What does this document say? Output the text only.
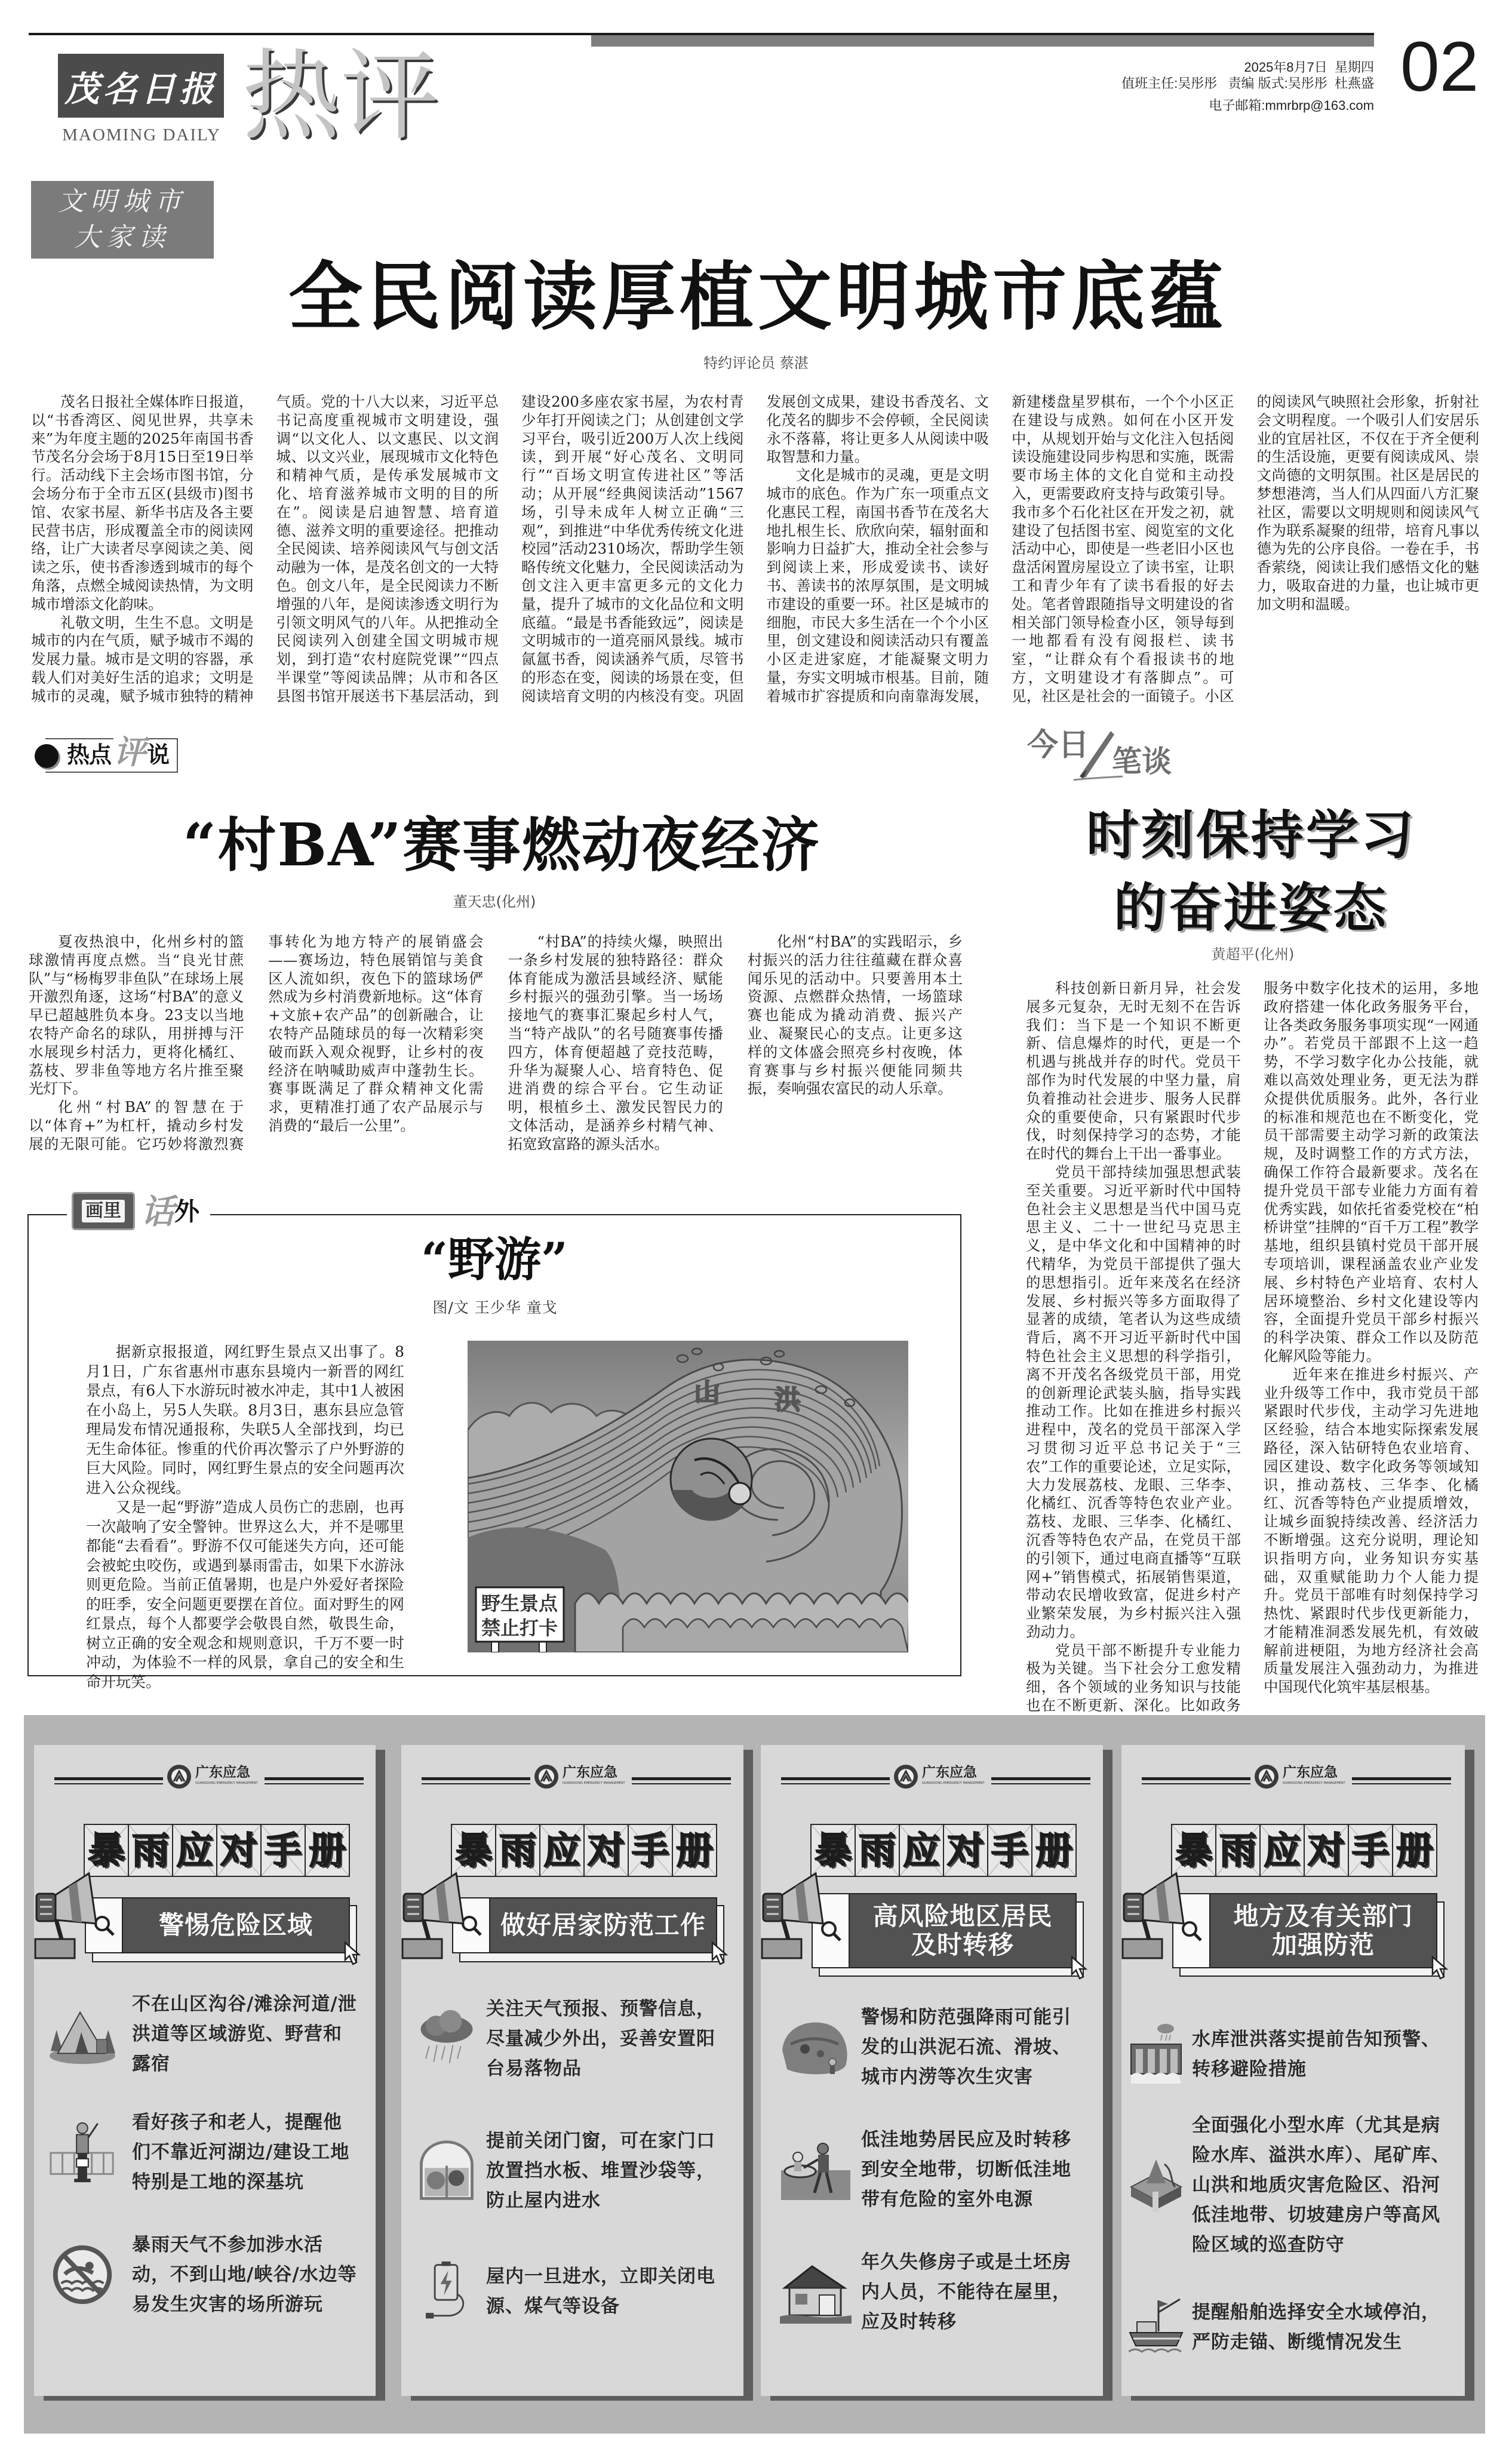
茂名日报
MAOMING DAILY 热评	2025年8月7日  星期四
值班主任:吴彤彤   责编 版式:吴彤彤  杜燕盛
电子邮箱:mmrbrp@163.com 02
文明城市
大家读
全民阅读厚植文明城市底蕴
特约评论员 蔡湛

茂名日报社全媒体昨日报道，以“书香湾区、阅见世界，共享未来”为年度主题的2025年南国书香节茂名分会场于8月15日至19日举行。活动线下主会场市图书馆，分会场分布于全市五区(县级市)图书馆、农家书屋、新华书店及各主要民营书店，形成覆盖全市的阅读网络，让广大读者尽享阅读之美、阅读之乐，使书香渗透到城市的每个角落，点燃全城阅读热情，为文明城市增添文化韵味。

礼敬文明，生生不息。文明是城市的内在气质，赋予城市不竭的发展力量。城市是文明的容器，承载人们对美好生活的追求；文明是城市的灵魂，赋予城市独特的精神气质。党的十八大以来，习近平总书记高度重视城市文明建设，强调“以文化人、以文惠民、以文润城、以文兴业，展现城市文化特色和精神气质，是传承发展城市文化、培育滋养城市文明的目的所在”。阅读是启迪智慧、培育道德、滋养文明的重要途径。把推动全民阅读、培养阅读风气与创文活动融为一体，是茂名创文的一大特色。创文八年，是全民阅读力不断增强的八年，是阅读渗透文明行为引领文明风气的八年。从把推动全民阅读列入创建全国文明城市规划，到打造“农村庭院党课”“四点半课堂”等阅读品牌；从市和各区县图书馆开展送书下基层活动，到建设200多座农家书屋，为农村青少年打开阅读之门；从创建创文学习平台，吸引近200万人次上线阅读，到开展“好心茂名、文明同行”“百场文明宣传进社区”等活动；从开展“经典阅读活动”1567场，引导未成年人树立正确“三观”，到推进“中华优秀传统文化进校园”活动2310场次，帮助学生领略传统文化魅力，全民阅读活动为创文注入更丰富更多元的文化力量，提升了城市的文化品位和文明底蕴。“最是书香能致远”，阅读是文明城市的一道亮丽风景线。城市氤氲书香，阅读涵养气质，尽管书的形态在变，阅读的场景在变，但阅读培育文明的内核没有变。巩固发展创文成果，建设书香茂名、文化茂名的脚步不会停顿，全民阅读永不落幕，将让更多人从阅读中吸取智慧和力量。

文化是城市的灵魂，更是文明城市的底色。作为广东一项重点文化惠民工程，南国书香节在茂名大地扎根生长、欣欣向荣，辐射面和影响力日益扩大，推动全社会参与到阅读上来，形成爱读书、读好书、善读书的浓厚氛围，是文明城市建设的重要一环。社区是城市的细胞，市民大多生活在一个个小区里，创文建设和阅读活动只有覆盖小区走进家庭，才能凝聚文明力量，夯实文明城市根基。目前，随着城市扩容提质和向南靠海发展，新建楼盘星罗棋布，一个个小区正在建设与成熟。如何在小区开发中，从规划开始与文化注入包括阅读设施建设同步构思和实施，既需要市场主体的文化自觉和主动投入，更需要政府支持与政策引导。我市多个石化社区在开发之初，就建设了包括图书室、阅览室的文化活动中心，即使是一些老旧小区也盘活闲置房屋设立了读书室，让职工和青少年有了读书看报的好去处。笔者曾跟随指导文明建设的省相关部门领导检查小区，领导每到一地都看有没有阅报栏、读书室，“让群众有个看报读书的地方，文明建设才有落脚点”。可见，社区是社会的一面镜子。小区的阅读风气映照社会形象，折射社会文明程度。一个吸引人们安居乐业的宜居社区，不仅在于齐全便利的生活设施，更要有阅读成风、崇文尚德的文明氛围。社区是居民的梦想港湾，当人们从四面八方汇聚社区，需要以文明规则和阅读风气作为联系凝聚的纽带，培育凡事以德为先的公序良俗。一卷在手，书香萦绕，阅读让我们感悟文化的魅力，吸取奋进的力量，也让城市更加文明和温暖。

热点 评 说
“村BA”赛事燃动夜经济
董天忠(化州)

夏夜热浪中，化州乡村的篮球激情再度点燃。当“良光甘蔗队”与“杨梅罗非鱼队”在球场上展开激烈角逐，这场“村BA”的意义早已超越胜负本身。23支以当地农特产命名的球队，用拼搏与汗水展现乡村活力，更将化橘红、荔枝、罗非鱼等地方名片推至聚光灯下。

化州“村BA”的智慧在于以“体育+”为杠杆，撬动乡村发展的无限可能。它巧妙将激烈赛事转化为地方特产的展销盛会——赛场边，特色展销馆与美食区人流如织，夜色下的篮球场俨然成为乡村消费新地标。这“体育+文旅+农产品”的创新融合，让农特产品随球员的每一次精彩突破而跃入观众视野，让乡村的夜经济在呐喊助威声中蓬勃生长。赛事既满足了群众精神文化需求，更精准打通了农产品展示与消费的“最后一公里”。

“村BA”的持续火爆，映照出一条乡村发展的独特路径：群众体育能成为激活县域经济、赋能乡村振兴的强劲引擎。当一场场接地气的赛事汇聚起乡村人气，当“特产战队”的名号随赛事传播四方，体育便超越了竞技范畴，升华为凝聚人心、培育特色、促进消费的综合平台。它生动证明，根植乡土、激发民智民力的文体活动，是涵养乡村精气神、拓宽致富路的源头活水。

化州“村BA”的实践昭示，乡村振兴的活力往往蕴藏在群众喜闻乐见的活动中。只要善用本土资源、点燃群众热情，一场篮球赛也能成为撬动消费、振兴产业、凝聚民心的支点。让更多这样的文体盛会照亮乡村夜晚，体育赛事与乡村振兴便能同频共振，奏响强农富民的动人乐章。

今日 笔谈
时刻保持学习
的奋进姿态
黄超平(化州)

科技创新日新月异，社会发展多元复杂，无时无刻不在告诉我们：当下是一个知识不断更新、信息爆炸的时代，更是一个机遇与挑战并存的时代。党员干部作为时代发展的中坚力量，肩负着推动社会进步、服务人民群众的重要使命，只有紧跟时代步伐，时刻保持学习的态势，才能在时代的舞台上干出一番事业。

党员干部持续加强思想武装至关重要。习近平新时代中国特色社会主义思想是当代中国马克思主义、二十一世纪马克思主义，是中华文化和中国精神的时代精华，为党员干部提供了强大的思想指引。近年来茂名在经济发展、乡村振兴等多方面取得了显著的成绩，笔者认为这些成绩背后，离不开习近平新时代中国特色社会主义思想的科学指引，离不开茂名各级党员干部，用党的创新理论武装头脑，指导实践推动工作。比如在推进乡村振兴进程中，茂名的党员干部深入学习贯彻习近平总书记关于“三农”工作的重要论述，立足实际，大力发展荔枝、龙眼、三华李、化橘红、沉香等特色农业产业。荔枝、龙眼、三华李、化橘红、沉香等特色农产品，在党员干部的引领下，通过电商直播等“互联网+”销售模式，拓展销售渠道，带动农民增收致富，促进乡村产业繁荣发展，为乡村振兴注入强劲动力。

党员干部不断提升专业能力极为关键。当下社会分工愈发精细，各个领域的业务知识与技能也在不断更新、深化。比如政务服务中数字化技术的运用，多地政府搭建一体化政务服务平台，让各类政务服务事项实现“一网通办”。若党员干部跟不上这一趋势，不学习数字化办公技能，就难以高效处理业务，更无法为群众提供优质服务。此外，各行业的标准和规范也在不断变化，党员干部需要主动学习新的政策法规，及时调整工作的方式方法，确保工作符合最新要求。茂名在提升党员干部专业能力方面有着优秀实践，如依托省委党校在“柏桥讲堂”挂牌的“百千万工程”教学基地，组织县镇村党员干部开展专项培训，课程涵盖农业产业发展、乡村特色产业培育、农村人居环境整治、乡村文化建设等内容，全面提升党员干部乡村振兴的科学决策、群众工作以及防范化解风险等能力。

近年来在推进乡村振兴、产业升级等工作中，我市党员干部紧跟时代步伐，主动学习先进地区经验，结合本地实际探索发展路径，深入钻研特色农业培育、园区建设、数字化政务等领域知识，推动荔枝、三华李、化橘红、沉香等特色产业提质增效，让城乡面貌持续改善、经济活力不断增强。这充分说明，理论知识指明方向，业务知识夯实基础，双重赋能助力个人能力提升。党员干部唯有时刻保持学习热忱、紧跟时代步伐更新能力，才能精准洞悉发展先机，有效破解前进梗阻，为地方经济社会高质量发展注入强劲动力，为推进中国现代化筑牢基层根基。

画里 话 外
“野游”
图/文 王少华 童戈

据新京报报道，网红野生景点又出事了。8月1日，广东省惠州市惠东县境内一新晋的网红景点，有6人下水游玩时被水冲走，其中1人被困在小岛上，另5人失联。8月3日，惠东县应急管理局发布情况通报称，失联5人全部找到，均已无生命体征。惨重的代价再次警示了户外野游的巨大风险。同时，网红野生景点的安全问题再次进入公众视线。

又是一起“野游”造成人员伤亡的悲剧，也再一次敲响了安全警钟。世界这么大，并不是哪里都能“去看看”。野游不仅可能迷失方向，还可能会被蛇虫咬伤，或遇到暴雨雷击，如果下水游泳则更危险。当前正值暑期，也是户外爱好者探险的旺季，安全问题更要摆在首位。面对野生的网红景点，每个人都要学会敬畏自然，敬畏生命，树立正确的安全观念和规则意识，千万不要一时冲动，为体验不一样的风景，拿自己的安全和生命开玩笑。

山 洪
野生景点
禁止打卡
广东应急
GUANGDONG EMERGENCY MANAGEMENT
暴 雨 应 对 手 册
警惕危险区域
不在山区沟谷/滩涂河道/泄洪道等区域游览、野营和露宿
看好孩子和老人，提醒他们不靠近河湖边/建设工地特别是工地的深基坑
暴雨天气不参加涉水活动，不到山地/峡谷/水边等易发生灾害的场所游玩
广东应急
GUANGDONG EMERGENCY MANAGEMENT
暴 雨 应 对 手 册
做好居家防范工作
关注天气预报、预警信息，尽量减少外出，妥善安置阳台易落物品
提前关闭门窗，可在家门口放置挡水板、堆置沙袋等，防止屋内进水
屋内一旦进水，立即关闭电源、煤气等设备
广东应急
GUANGDONG EMERGENCY MANAGEMENT
暴 雨 应 对 手 册
高风险地区居民
及时转移
警惕和防范强降雨可能引发的山洪泥石流、滑坡、城市内涝等次生灾害
低洼地势居民应及时转移到安全地带，切断低洼地带有危险的室外电源
年久失修房子或是土坯房内人员，不能待在屋里，应及时转移
广东应急
GUANGDONG EMERGENCY MANAGEMENT
暴 雨 应 对 手 册
地方及有关部门
加强防范
水库泄洪落实提前告知预警、转移避险措施
全面强化小型水库（尤其是病险水库、溢洪水库）、尾矿库、山洪和地质灾害危险区、沿河低洼地带、切坡建房户等高风险区域的巡查防守
提醒船舶选择安全水域停泊，严防走锚、断缆情况发生
